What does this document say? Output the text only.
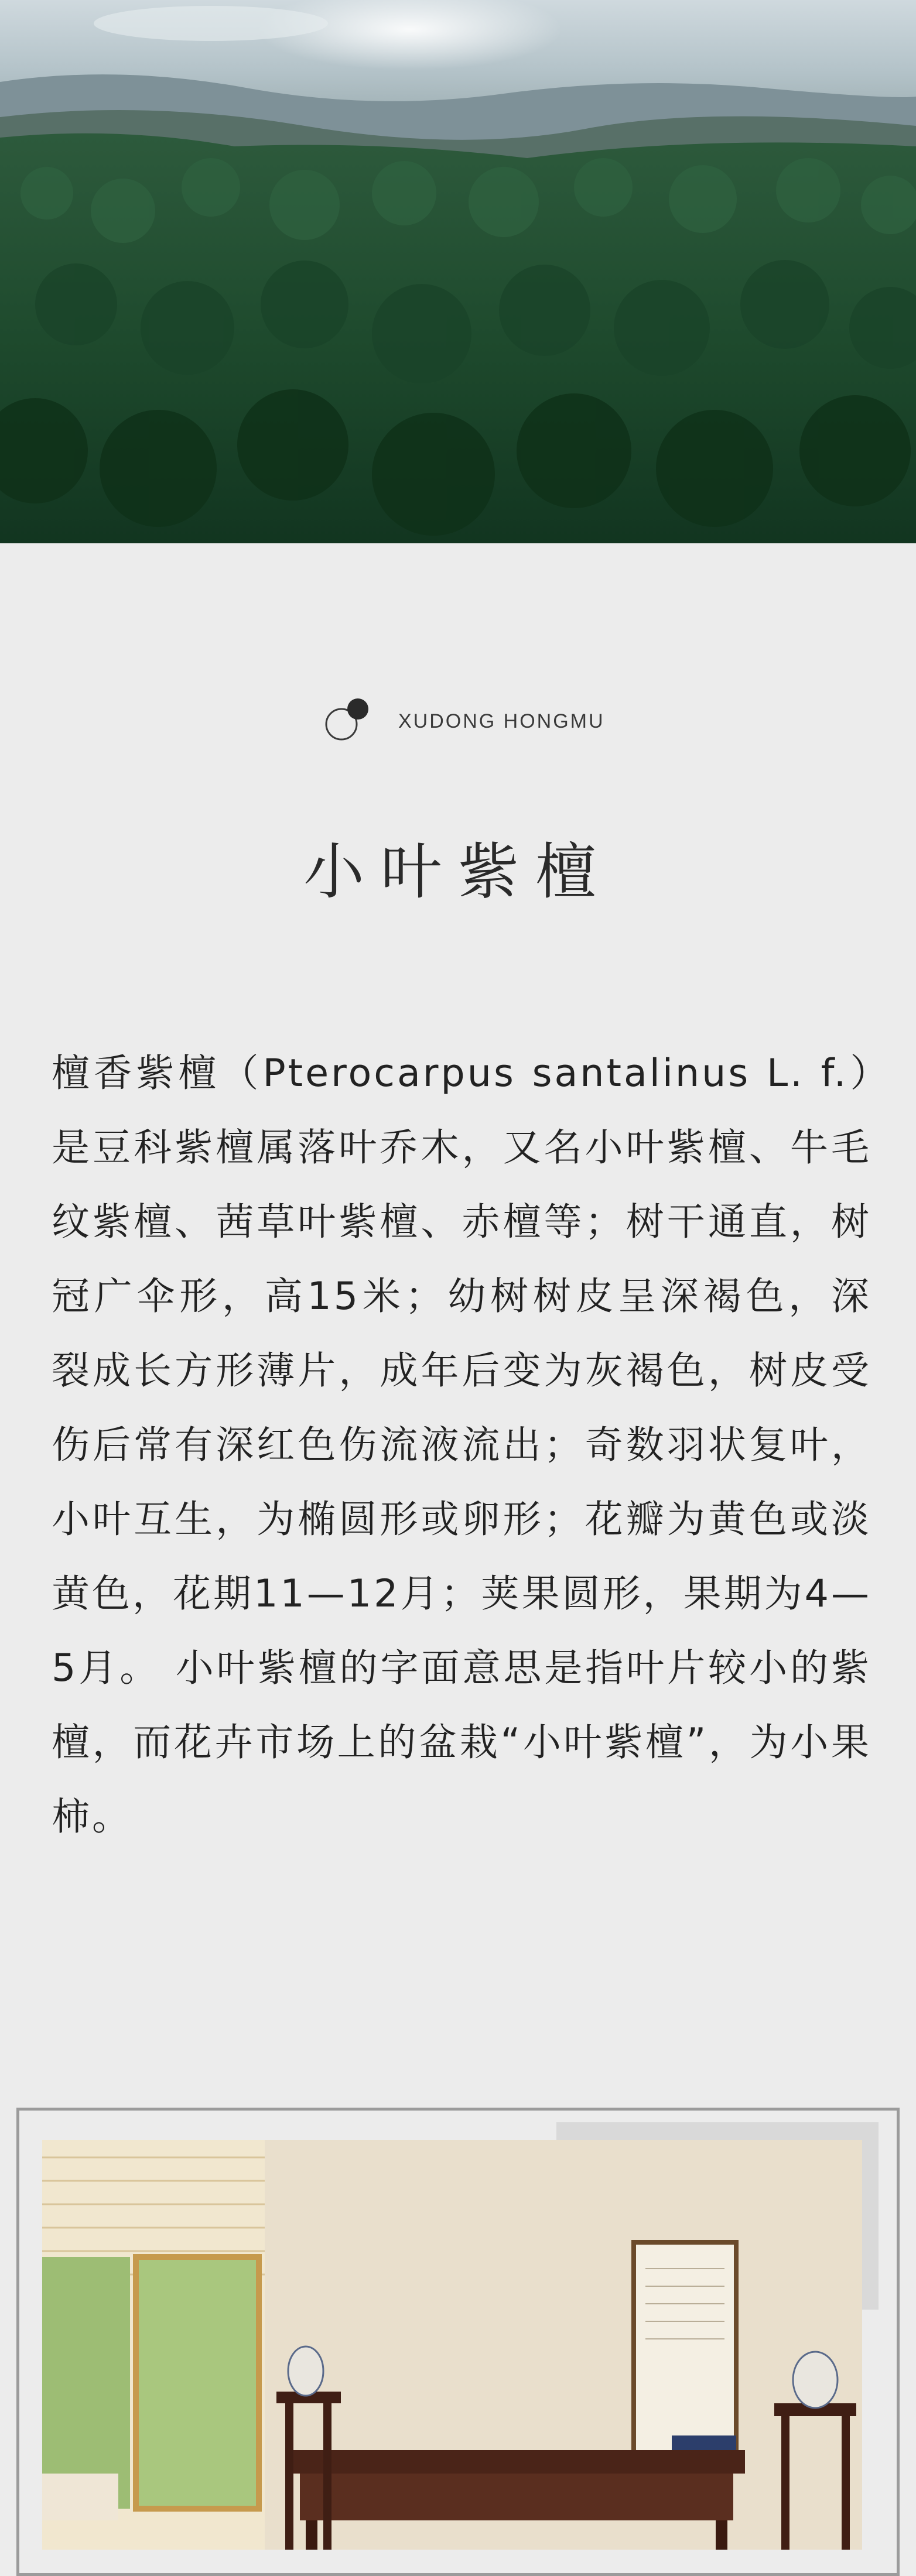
XUDONG HONGMU
小叶紫檀

檀香紫檀（Pterocarpus santalinus L. f.）是豆科紫檀属落叶乔木，又名小叶紫檀、牛毛纹紫檀、茜草叶紫檀、赤檀等；树干通直，树冠广伞形，高15米；幼树树皮呈深褐色，深裂成长方形薄片，成年后变为灰褐色，树皮受伤后常有深红色伤流液流出；奇数羽状复叶，小叶互生，为椭圆形或卵形；花瓣为黄色或淡黄色，花期11—12月；荚果圆形，果期为4—5月。 小叶紫檀的字面意思是指叶片较小的紫檀，而花卉市场上的盆栽“小叶紫檀”，为小果柿。
